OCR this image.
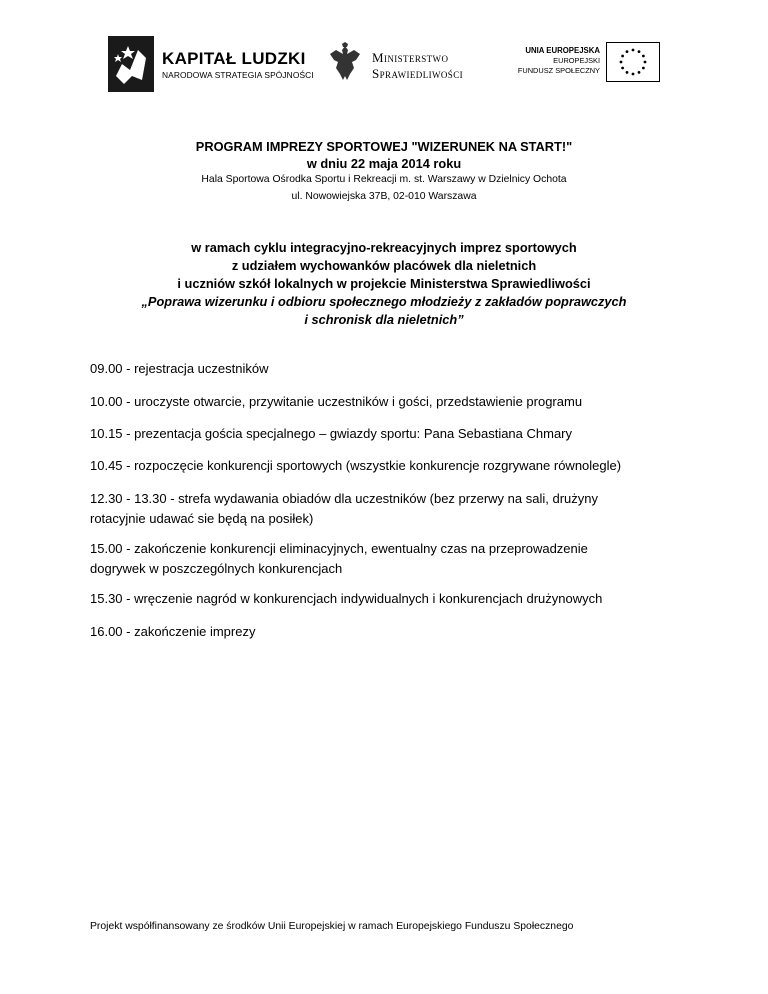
KAPITAŁ LUDZKI
NARODOWA STRATEGIA SPÓJNOŚCI
Ministerstwo
Sprawiedliwości
UNIA EUROPEJSKA
EUROPEJSKI
FUNDUSZ SPOŁECZNY
PROGRAM IMPREZY SPORTOWEJ "WIZERUNEK NA START!"
w dniu 22 maja 2014 roku
Hala Sportowa Ośrodka Sportu i Rekreacji m. st. Warszawy w Dzielnicy Ochota
ul. Nowowiejska 37B, 02-010 Warszawa
w ramach cyklu integracyjno-rekreacyjnych imprez sportowych
z udziałem wychowanków placówek dla nieletnich
i uczniów szkół lokalnych w projekcie Ministerstwa Sprawiedliwości
„Poprawa wizerunku i odbioru społecznego młodzieży z zakładów poprawczych
i schronisk dla nieletnich”
09.00 - rejestracja uczestników
10.00 - uroczyste otwarcie, przywitanie uczestników i gości, przedstawienie programu
10.15 - prezentacja gościa specjalnego – gwiazdy sportu: Pana Sebastiana Chmary
10.45 - rozpoczęcie konkurencji sportowych (wszystkie konkurencje rozgrywane równolegle)
12.30 - 13.30 - strefa wydawania obiadów dla uczestników (bez przerwy na sali, drużyny
rotacyjnie udawać sie będą na posiłek)
15.00 - zakończenie konkurencji eliminacyjnych, ewentualny czas na przeprowadzenie
dogrywek w poszczególnych konkurencjach
15.30 - wręczenie nagród w konkurencjach indywidualnych i konkurencjach drużynowych
16.00 - zakończenie imprezy
Projekt współfinansowany ze środków Unii Europejskiej w ramach Europejskiego Funduszu Społecznego
